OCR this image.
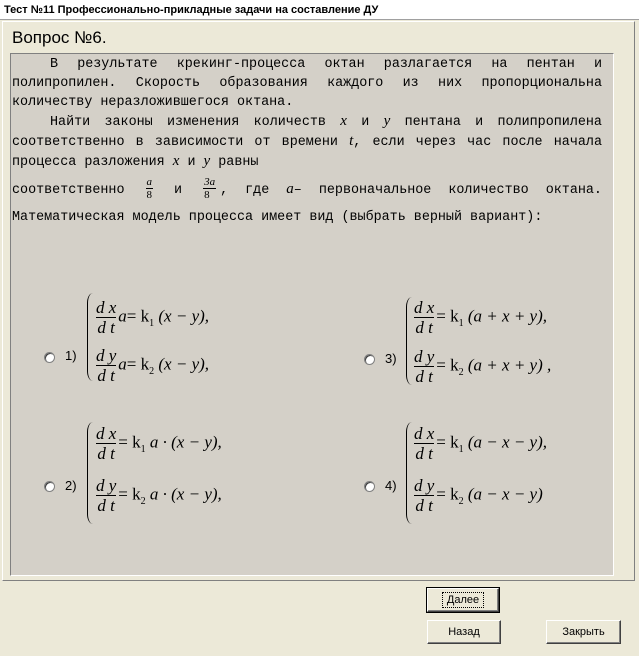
Тест №11 Профессионально-прикладные задачи на составление ДУ
Вопрос №6.
В результате крекинг-процесса октан разлагается на пентан и полипропилен. Скорость образования каждого из них пропорциональна количеству неразложившегося октана.
Найти законы изменения количеств x и y пентана и полипропилена соответственно в зависимости от времени t, если через час после начала процесса разложения x и y равны
соответственно $\frac{a}{8}$ и $\frac{3a}{8}$ , где a– первоначальное количество октана.
Математическая модель процесса имеет вид (выбрать верный вариант):
1)
$\frac{\text{d x}}{\text{d t}} a= k_1$ (x − y),
$\frac{\text{d y}}{\text{d t}} a= k_2$ (x − y),
2)
$\frac{\text{d x}}{\text{d t}} = k_1$ a · (x − y),
$\frac{\text{d y}}{\text{d t}} = k_2$ a · (x − y),
3)
$\frac{\text{d x}}{\text{d t}} = k_1$ (a + x + y),
$\frac{\text{d y}}{\text{d t}} = k_2$ (a + x + y) ,
4)
$\frac{\text{d x}}{\text{d t}} = k_1$ (a − x − y),
$\frac{\text{d y}}{\text{d t}} = k_2$ (a − x − y)
Далее
Назад	Закрыть
